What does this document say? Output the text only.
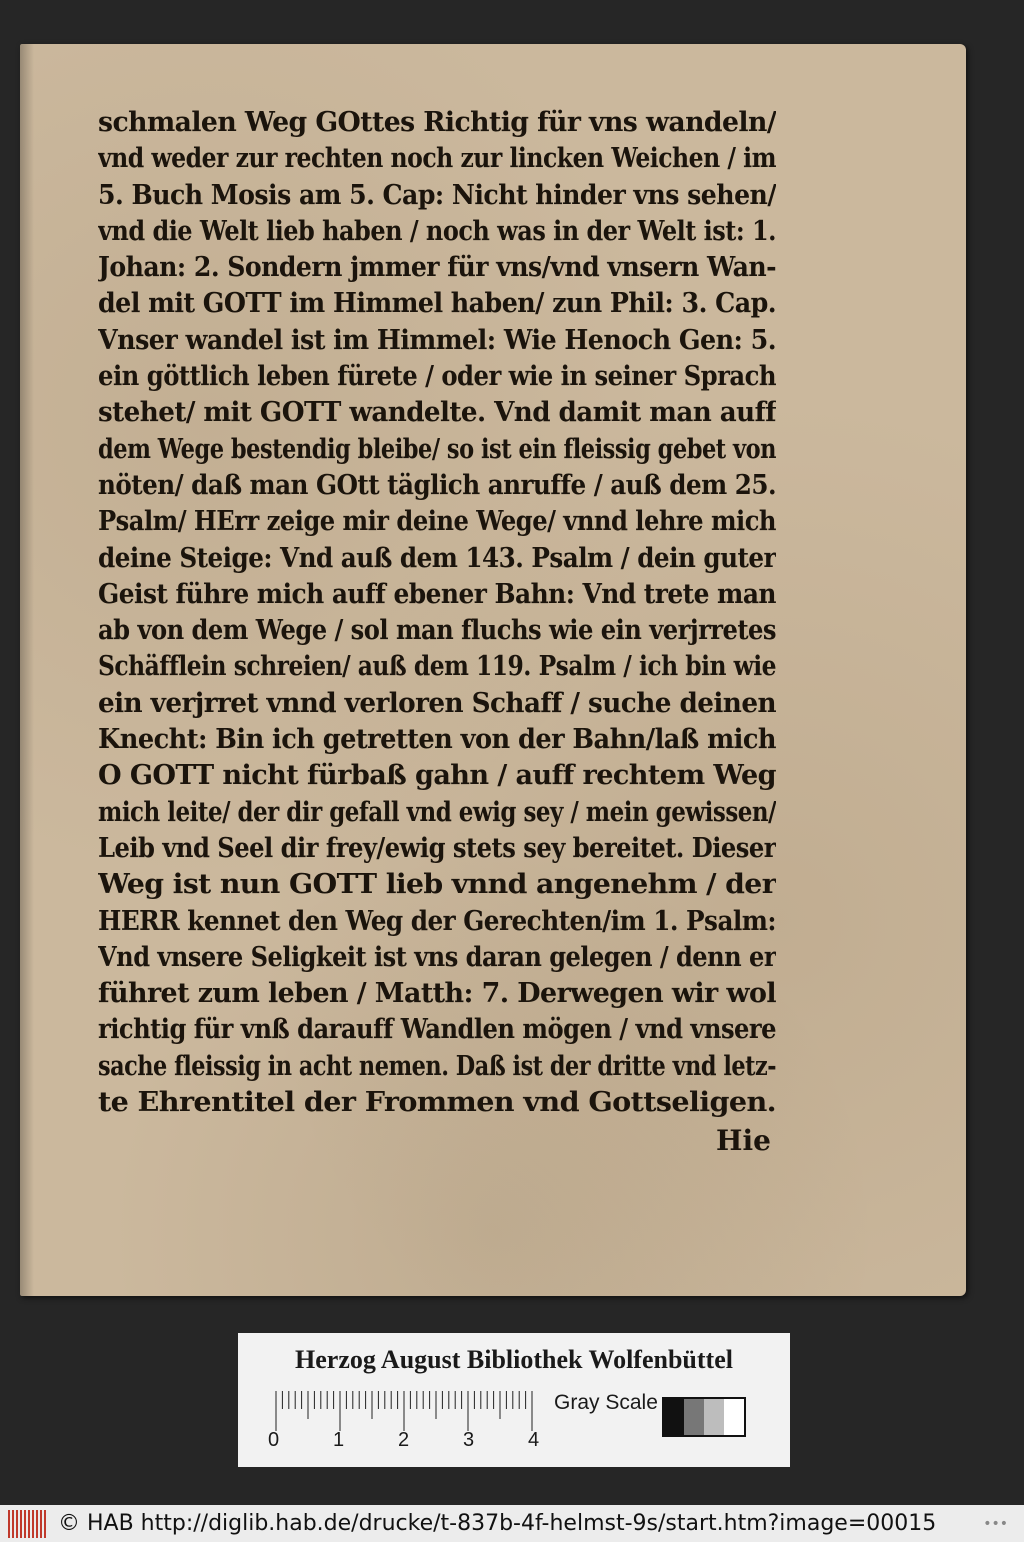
schmalen Weg GOttes Richtig für vns wandeln/
vnd weder zur rechten noch zur lincken Weichen / im
5. Buch Mosis am 5. Cap: Nicht hinder vns sehen/
vnd die Welt lieb haben / noch was in der Welt ist: 1.
Johan: 2. Sondern jmmer für vns/vnd vnsern Wan-
del mit GOTT im Himmel haben/ zun Phil: 3. Cap.
Vnser wandel ist im Himmel: Wie Henoch Gen: 5.
ein göttlich leben fürete / oder wie in seiner Sprach
stehet/ mit GOTT wandelte. Vnd damit man auff
dem Wege bestendig bleibe/ so ist ein fleissig gebet von
nöten/ daß man GOtt täglich anruffe / auß dem 25.
Psalm/ HErr zeige mir deine Wege/ vnnd lehre mich
deine Steige: Vnd auß dem 143. Psalm / dein guter
Geist führe mich auff ebener Bahn: Vnd trete man
ab von dem Wege / sol man fluchs wie ein verjrretes
Schäfflein schreien/ auß dem 119. Psalm / ich bin wie
ein verjrret vnnd verloren Schaff / suche deinen
Knecht: Bin ich getretten von der Bahn/laß mich
O GOTT nicht fürbaß gahn / auff rechtem Weg
mich leite/ der dir gefall vnd ewig sey / mein gewissen/
Leib vnd Seel dir frey/ewig stets sey bereitet. Dieser
Weg ist nun GOTT lieb vnnd angenehm / der
HERR kennet den Weg der Gerechten/im 1. Psalm:
Vnd vnsere Seligkeit ist vns daran gelegen / denn er
führet zum leben / Matth: 7. Derwegen wir wol
richtig für vnß darauff Wandlen mögen / vnd vnsere
sache fleissig in acht nemen. Daß ist der dritte vnd letz-
te Ehrentitel der Frommen vnd Gottseligen.
Hie
Herzog August Bibliothek Wolfenbüttel
0	1	2	3	4
Gray Scale
© HAB http://diglib.hab.de/drucke/t-837b-4f-helmst-9s/start.htm?image=00015	•••
